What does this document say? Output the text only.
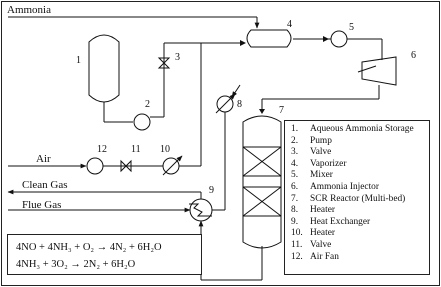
Ammonia
Air
Clean Gas
Flue Gas
1
2
3
4	5
6
7
8
9
10
11
12
1. Aqueous Ammonia Storage
2. Pump
3. Valve
4. Vaporizer
5. Mixer
6. Ammonia Injector
7. SCR Reactor (Multi-bed)
8. Heater
9. Heat Exchanger
10. Heater
11. Valve
12. Air Fan
4NO + 4NH₃ + O₂ → 4N₂ + 6H₂O
4NH₃ + 3O₂ → 2N₂ + 6H₂O
